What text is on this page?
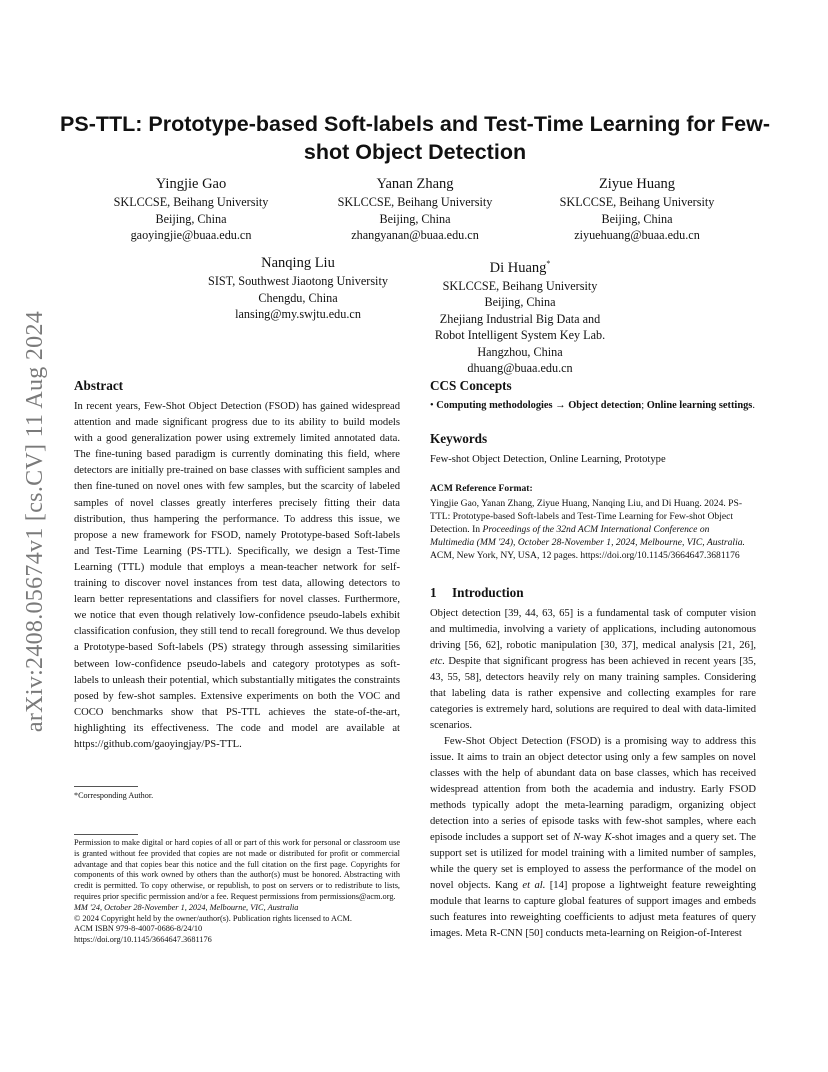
arXiv:2408.05674v1 [cs.CV] 11 Aug 2024
PS-TTL: Prototype-based Soft-labels and Test-Time Learning for Few-shot Object Detection
Yingjie Gao
SKLCCSE, Beihang University
Beijing, China
gaoyingjie@buaa.edu.cn
Yanan Zhang
SKLCCSE, Beihang University
Beijing, China
zhangyanan@buaa.edu.cn
Ziyue Huang
SKLCCSE, Beihang University
Beijing, China
ziyuehuang@buaa.edu.cn
Nanqing Liu
SIST, Southwest Jiaotong University
Chengdu, China
lansing@my.swjtu.edu.cn
Di Huang*
SKLCCSE, Beihang University
Beijing, China
Zhejiang Industrial Big Data and
Robot Intelligent System Key Lab.
Hangzhou, China
dhuang@buaa.edu.cn
Abstract

In recent years, Few-Shot Object Detection (FSOD) has gained widespread attention and made significant progress due to its ability to build models with a good generalization power using extremely limited annotated data. The fine-tuning based paradigm is currently dominating this field, where detectors are initially pre-trained on base classes with sufficient samples and then fine-tuned on novel ones with few samples, but the scarcity of labeled samples of novel classes greatly interferes precisely fitting their data distribution, thus hampering the performance. To address this issue, we propose a new framework for FSOD, namely Prototype-based Soft-labels and Test-Time Learning (PS-TTL). Specifically, we design a Test-Time Learning (TTL) module that employs a mean-teacher network for self-training to discover novel instances from test data, allowing detectors to learn better representations and classifiers for novel classes. Furthermore, we notice that even though relatively low-confidence pseudo-labels exhibit classification confusion, they still tend to recall foreground. We thus develop a Prototype-based Soft-labels (PS) strategy through assessing similarities between low-confidence pseudo-labels and category prototypes as soft-labels to unleash their potential, which substantially mitigates the constraints posed by few-shot samples. Extensive experiments on both the VOC and COCO benchmarks show that PS-TTL achieves the state-of-the-art, highlighting its effectiveness. The code and model are available at https://github.com/gaoyingjay/PS-TTL.

*Corresponding Author.

Permission to make digital or hard copies of all or part of this work for personal or classroom use is granted without fee provided that copies are not made or distributed for profit or commercial advantage and that copies bear this notice and the full citation on the first page. Copyrights for components of this work owned by others than the author(s) must be honored. Abstracting with credit is permitted. To copy otherwise, or republish, to post on servers or to redistribute to lists, requires prior specific permission and/or a fee. Request permissions from permissions@acm.org.

MM '24, October 28-November 1, 2024, Melbourne, VIC, Australia

© 2024 Copyright held by the owner/author(s). Publication rights licensed to ACM.

ACM ISBN 979-8-4007-0686-8/24/10

https://doi.org/10.1145/3664647.3681176

CCS Concepts

• Computing methodologies → Object detection; Online learning settings.

Keywords

Few-shot Object Detection, Online Learning, Prototype

ACM Reference Format:

Yingjie Gao, Yanan Zhang, Ziyue Huang, Nanqing Liu, and Di Huang. 2024. PS-TTL: Prototype-based Soft-labels and Test-Time Learning for Few-shot Object Detection. In Proceedings of the 32nd ACM International Conference on Multimedia (MM '24), October 28-November 1, 2024, Melbourne, VIC, Australia. ACM, New York, NY, USA, 12 pages. https://doi.org/10.1145/3664647.3681176

1 Introduction

Object detection [39, 44, 63, 65] is a fundamental task of computer vision and multimedia, involving a variety of applications, including autonomous driving [56, 62], robotic manipulation [30, 37], medical analysis [21, 26], etc. Despite that significant progress has been achieved in recent years [35, 43, 55, 58], detectors heavily rely on many training samples. Considering that labeling data is rather expensive and collecting examples for rare categories is extremely hard, solutions are required to deal with data-limited scenarios.

Few-Shot Object Detection (FSOD) is a promising way to address this issue. It aims to train an object detector using only a few samples on novel classes with the help of abundant data on base classes, which has received widespread attention from both the academia and industry. Early FSOD methods typically adopt the meta-learning paradigm, organizing object detection into a series of episode tasks with few-shot samples, where each episode includes a support set of N-way K-shot images and a query set. The support set is utilized for model training with a limited number of samples, while the query set is employed to assess the performance of the model on novel objects. Kang et al. [14] propose a lightweight feature reweighting module that learns to capture global features of support images and embeds such features into reweighting coefficients to adjust meta features of query images. Meta R-CNN [50] conducts meta-learning on Reigion-of-Interest
